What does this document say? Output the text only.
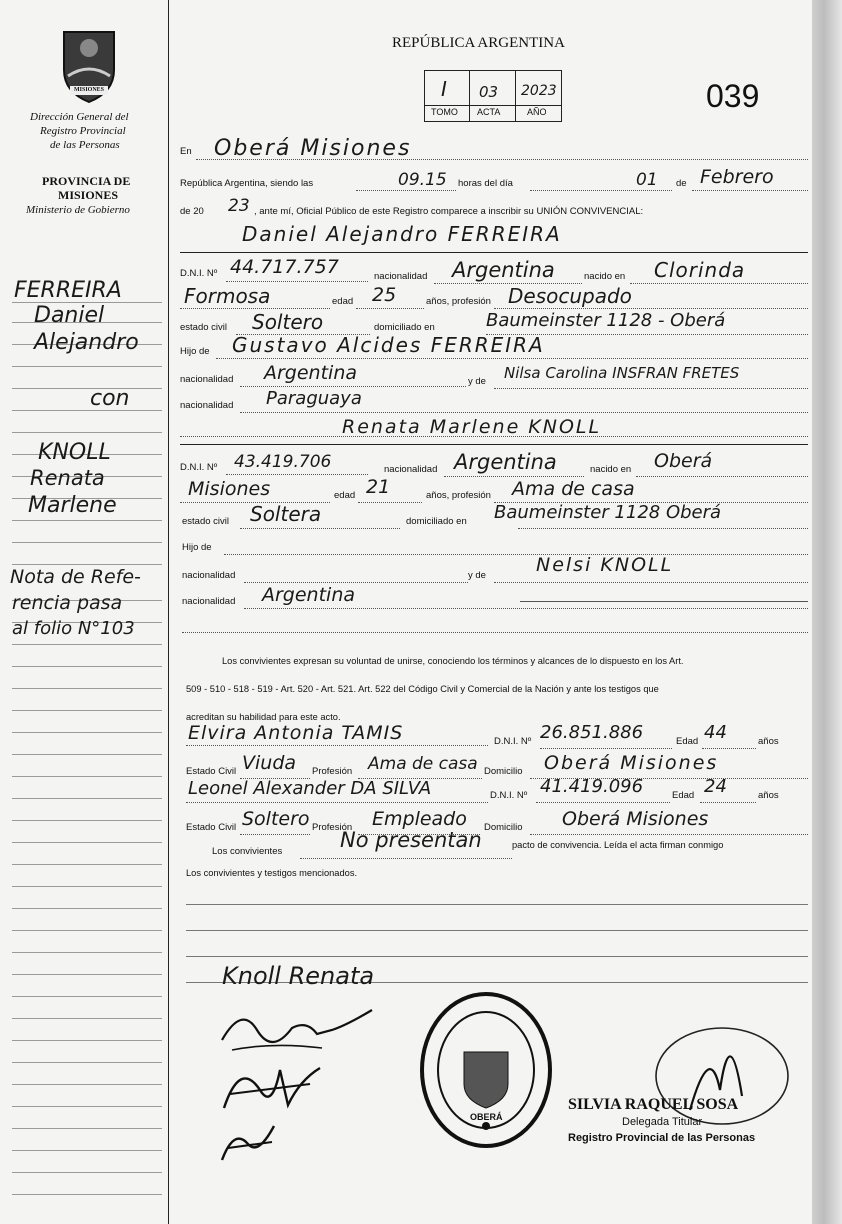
MISIONES
Dirección General del
Registro Provincial
de las Personas
PROVINCIA DE
MISIONES
Ministerio de Gobierno
FERREIRA
Daniel
Alejandro
con
KNOLL
Renata
Marlene
Nota de Refe-
rencia pasa
al folio N°103
REPÚBLICA ARGENTINA
I 03 2023
TOMO ACTA	AÑO	039
En Oberá Misiones
República Argentina, siendo las	09.15 horas del día	01 de Febrero
de 20 23 , ante mí, Oficial Público de este Registro comparece a inscribir su UNIÓN CONVIVENCIAL:
Daniel Alejandro FERREIRA
D.N.I. Nº 44.717.757	nacionalidad Argentina	nacido en Clorinda
Formosa	edad 25	años, profesión Desocupado
estado civil Soltero	domiciliado en	Baumeinster 1128 - Oberá
Hijo de Gustavo Alcides FERREIRA
nacionalidad Argentina	y de Nilsa Carolina INSFRAN FRETES
nacionalidad Paraguaya
Renata Marlene KNOLL
D.N.I. Nº 43.419.706	nacionalidad Argentina	nacido en Oberá
Misiones	edad 21	años, profesión Ama de casa
estado civil Soltera	domiciliado en Baumeinster 1128 Oberá
Hijo de
nacionalidad	y de	Nelsi KNOLL
nacionalidad Argentina
Los convivientes expresan su voluntad de unirse, conociendo los términos y alcances de lo dispuesto en los Art.
509 - 510 - 518 - 519 - Art. 520 - Art. 521. Art. 522 del Código Civil y Comercial de la Nación y ante los testigos que
acreditan su habilidad para este acto.
Elvira Antonia TAMIS	D.N.I. Nº 26.851.886	Edad 44	años
Estado Civil Viuda Profesión Ama de casa Domicilio Oberá Misiones
Leonel Alexander DA SILVA	D.N.I. Nº 41.419.096	Edad 24	años
Estado Civil Soltero Profesión Empleado Domicilio Oberá Misiones
Los convivientes	No presentan	pacto de convivencia. Leída el acta firman conmigo
Los convivientes y testigos mencionados.
Knoll Renata
OBERÁ
SILVIA RAQUEL SOSA
Delegada Titular
Registro Provincial de las Personas
